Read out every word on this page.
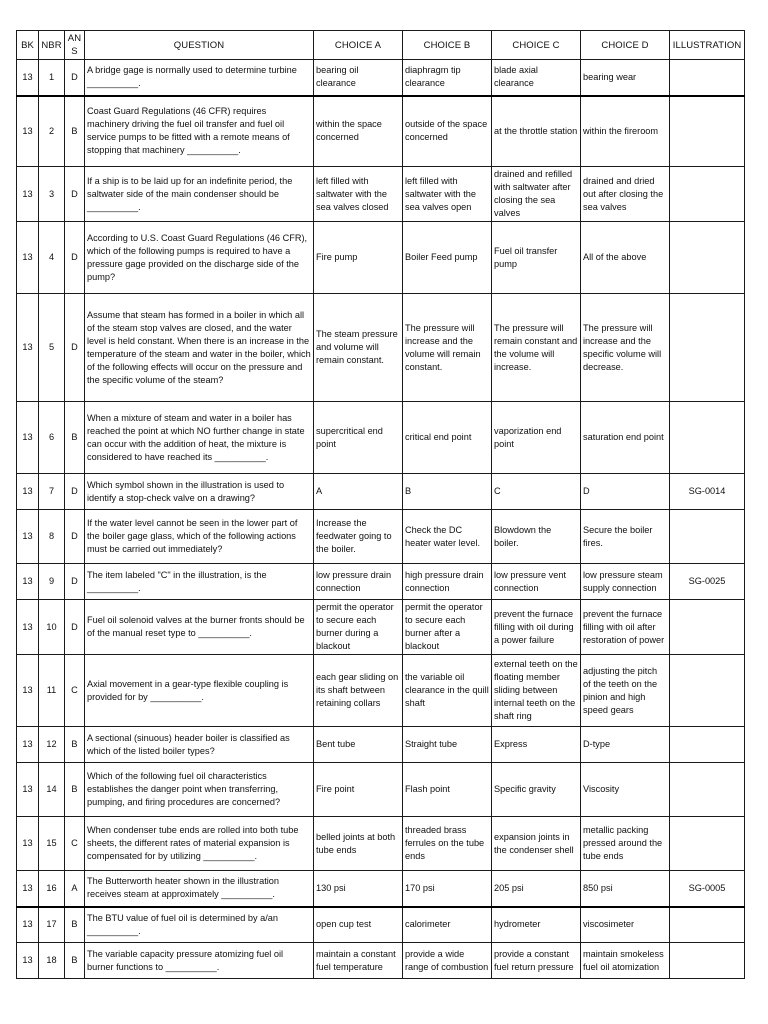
BK	NBR	ANS	QUESTION	CHOICE A	CHOICE B	CHOICE C	CHOICE D	ILLUSTRATION
13	1	D	A bridge gage is normally used to determine turbine __________.	bearing oil clearance	diaphragm tip clearance	blade axial clearance	bearing wear	
13	2	B	Coast Guard Regulations (46 CFR) requires machinery driving the fuel oil transfer and fuel oil service pumps to be fitted with a remote means of stopping that machinery __________.	within the space concerned	outside of the space concerned	at the throttle station	within the fireroom	
13	3	D	If a ship is to be laid up for an indefinite period, the saltwater side of the main condenser should be __________.	left filled with saltwater with the sea valves closed	left filled with saltwater with the sea valves open	drained and refilled with saltwater after closing the sea valves	drained and dried out after closing the sea valves	
13	4	D	According to U.S. Coast Guard Regulations (46 CFR), which of the following pumps is required to have a pressure gage provided on the discharge side of the pump?	Fire pump	Boiler Feed pump	Fuel oil transfer pump	All of the above	
13	5	D	Assume that steam has formed in a boiler in which all of the steam stop valves are closed, and the water level is held constant. When there is an increase in the temperature of the steam and water in the boiler, which of the following effects will occur on the pressure and the specific volume of the steam?	The steam pressure and volume will remain constant.	The pressure will increase and the volume will remain constant.	The pressure will remain constant and the volume will increase.	The pressure will increase and the specific volume will decrease.	
13	6	B	When a mixture of steam and water in a boiler has reached the point at which NO further change in state can occur with the addition of heat, the mixture is considered to have reached its __________.	supercritical end point	critical end point	vaporization end point	saturation end point	
13	7	D	Which symbol shown in the illustration is used to identify a stop-check valve on a drawing?	A	B	C	D	SG-0014
13	8	D	If the water level cannot be seen in the lower part of the boiler gage glass, which of the following actions must be carried out immediately?	Increase the feedwater going to the boiler.	Check the DC heater water level.	Blowdown the boiler.	Secure the boiler fires.	
13	9	D	The item labeled "C" in the illustration, is the __________.	low pressure drain connection	high pressure drain connection	low pressure vent connection	low pressure steam supply connection	SG-0025
13	10	D	Fuel oil solenoid valves at the burner fronts should be of the manual reset type to __________.	permit the operator to secure each burner during a blackout	permit the operator to secure each burner after a blackout	prevent the furnace filling with oil during a power failure	prevent the furnace filling with oil after restoration of power	
13	11	C	Axial movement in a gear-type flexible coupling is provided for by __________.	each gear sliding on its shaft between retaining collars	the variable oil clearance in the quill shaft	external teeth on the floating member sliding between internal teeth on the shaft ring	adjusting the pitch of the teeth on the pinion and high speed gears	
13	12	B	A sectional (sinuous) header boiler is classified as which of the listed boiler types?	Bent tube	Straight tube	Express	D-type	
13	14	B	Which of the following fuel oil characteristics establishes the danger point when transferring, pumping, and firing procedures are concerned?	Fire point	Flash point	Specific gravity	Viscosity	
13	15	C	When condenser tube ends are rolled into both tube sheets, the different rates of material expansion is compensated for by utilizing __________.	belled joints at both tube ends	threaded brass ferrules on the tube ends	expansion joints in the condenser shell	metallic packing pressed around the tube ends	
13	16	A	The Butterworth heater shown in the illustration receives steam at approximately __________.	130 psi	170 psi	205 psi	850 psi	SG-0005
13	17	B	The BTU value of fuel oil is determined by a/an __________.	open cup test	calorimeter	hydrometer	viscosimeter	
13	18	B	The variable capacity pressure atomizing fuel oil burner functions to __________.	maintain a constant fuel temperature	provide a wide range of combustion	provide a constant fuel return pressure	maintain smokeless fuel oil atomization	
